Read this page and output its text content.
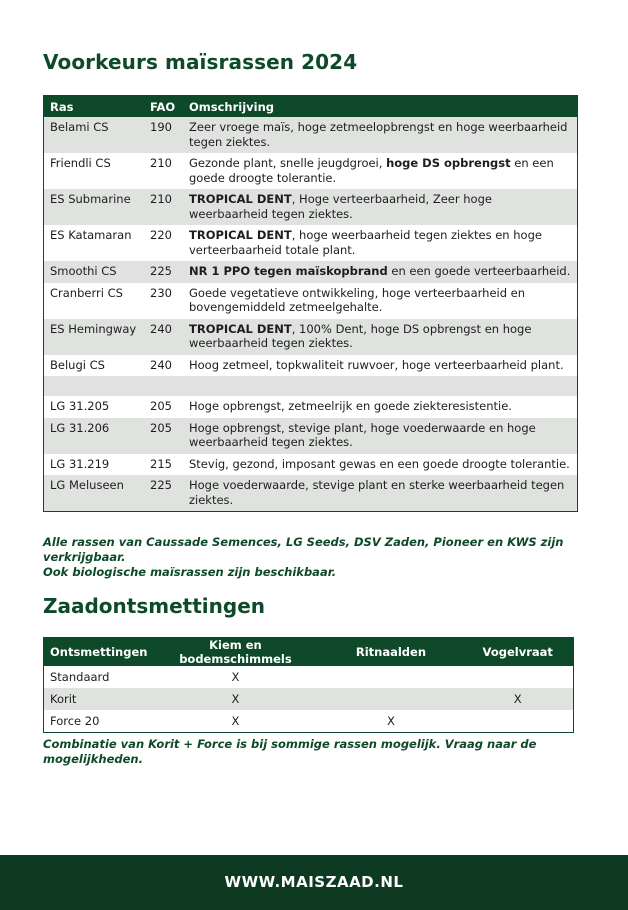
Voorkeurs maïsrassen 2024
Ras	FAO	Omschrijving
Belami CS	190	Zeer vroege maïs, hoge zetmeelopbrengst en hoge weerbaarheid tegen ziektes.
Friendli CS	210	Gezonde plant, snelle jeugdgroei, hoge DS opbrengst en een goede droogte tolerantie.
ES Submarine	210	TROPICAL DENT, Hoge verteerbaarheid, Zeer hoge weerbaarheid tegen ziektes.
ES Katamaran	220	TROPICAL DENT, hoge weerbaarheid tegen ziektes en hoge verteerbaarheid totale plant.
Smoothi CS	225	NR 1 PPO tegen maïskopbrand en een goede verteerbaarheid.
Cranberri CS	230	Goede vegetatieve ontwikkeling, hoge verteerbaarheid en bovengemiddeld zetmeelgehalte.
ES Hemingway	240	TROPICAL DENT, 100% Dent, hoge DS opbrengst en hoge weerbaarheid tegen ziektes.
Belugi CS	240	Hoog zetmeel, topkwaliteit ruwvoer, hoge verteerbaarheid plant.

LG 31.205	205	Hoge opbrengst, zetmeelrijk en goede ziekteresistentie.
LG 31.206	205	Hoge opbrengst, stevige plant, hoge voederwaarde en hoge weerbaarheid tegen ziektes.
LG 31.219	215	Stevig, gezond, imposant gewas en een goede droogte tolerantie.
LG Meluseen	225	Hoge voederwaarde, stevige plant en sterke weerbaarheid tegen ziektes.
Alle rassen van Caussade Semences, LG Seeds, DSV Zaden, Pioneer en KWS zijn verkrijgbaar.
Ook biologische maïsrassen zijn beschikbaar.
Zaadontsmettingen
Ontsmettingen	Kiem en bodemschimmels	Ritnaalden	Vogelvraat
Standaard	X		
Korit	X		X
Force 20	X	X	
Combinatie van Korit + Force is bij sommige rassen mogelijk. Vraag naar de mogelijkheden.
WWW.MAISZAAD.NL
